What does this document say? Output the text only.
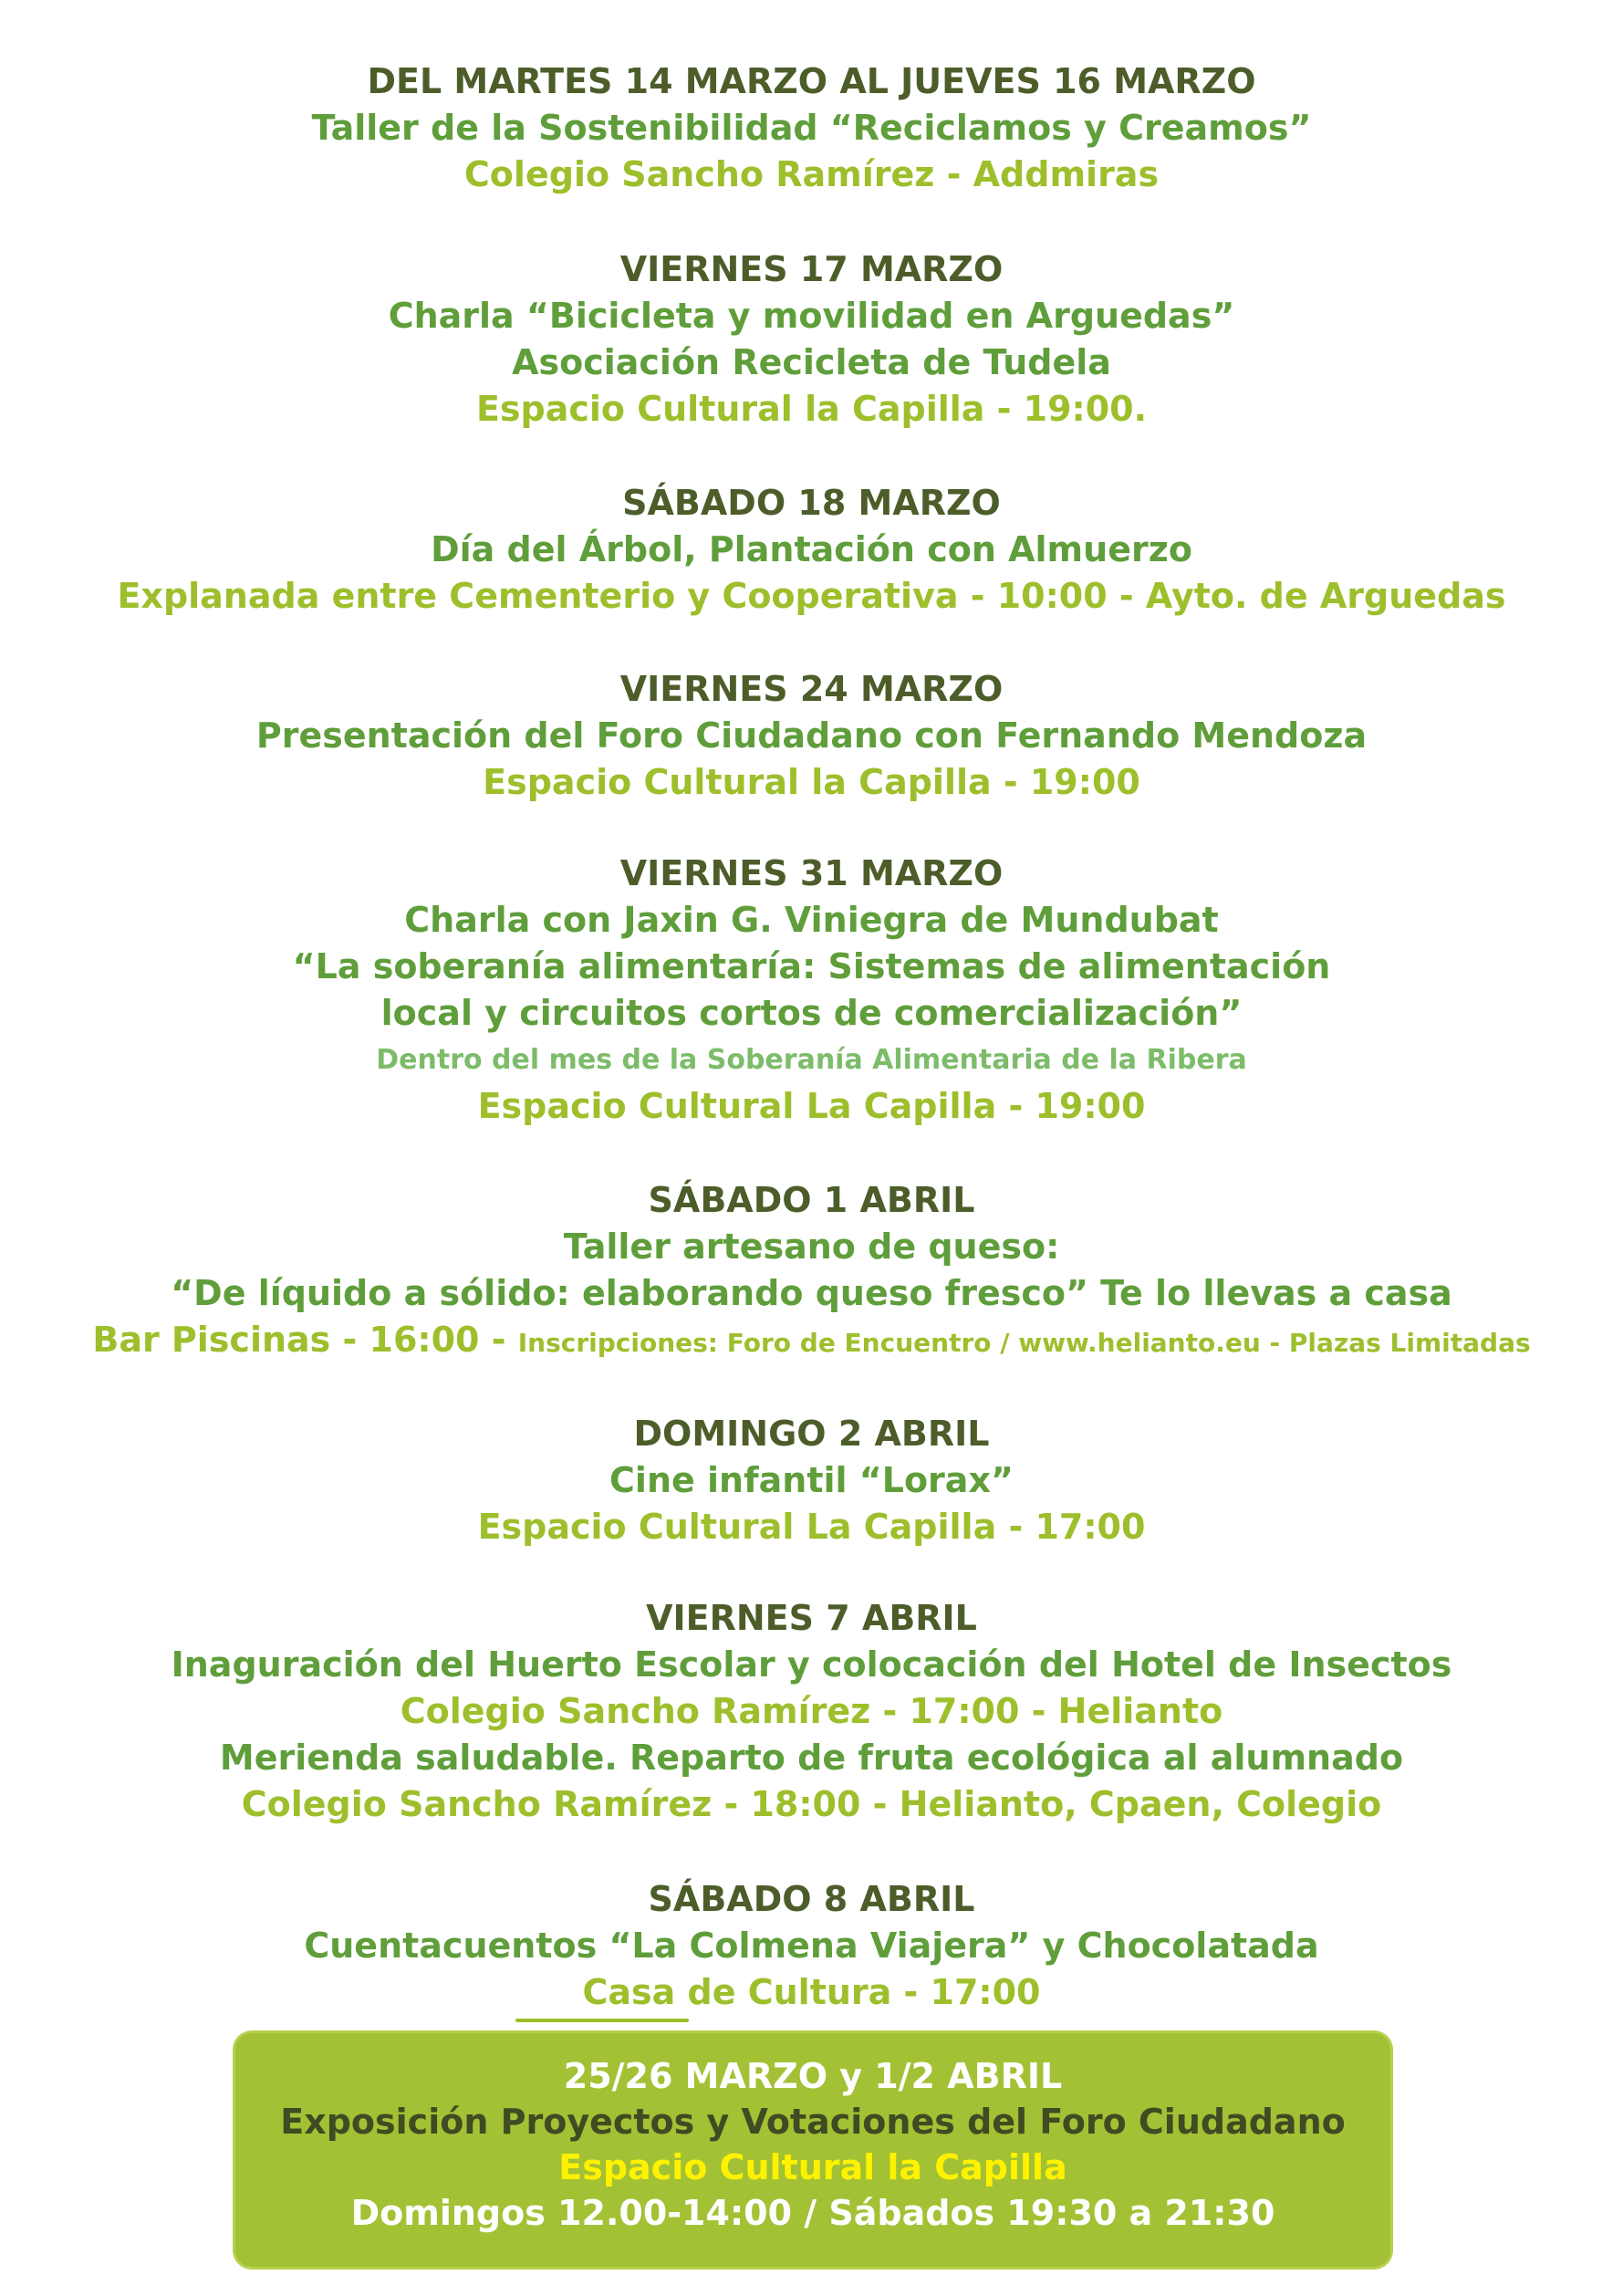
DEL MARTES 14 MARZO AL JUEVES 16 MARZO
Taller de la Sostenibilidad “Reciclamos y Creamos”
Colegio Sancho Ramírez - Addmiras
VIERNES 17 MARZO
Charla “Bicicleta y movilidad en Arguedas”
Asociación Recicleta de Tudela
Espacio Cultural la Capilla - 19:00.
SÁBADO 18 MARZO
Día del Árbol, Plantación con Almuerzo
Explanada entre Cementerio y Cooperativa - 10:00 - Ayto. de Arguedas
VIERNES 24 MARZO
Presentación del Foro Ciudadano con Fernando Mendoza
Espacio Cultural la Capilla - 19:00
VIERNES 31 MARZO
Charla con Jaxin G. Viniegra de Mundubat
“La soberanía alimentaría: Sistemas de alimentación
local y circuitos cortos de comercialización”
Dentro del mes de la Soberanía Alimentaria de la Ribera
Espacio Cultural La Capilla - 19:00
SÁBADO 1 ABRIL
Taller artesano de queso:
“De líquido a sólido: elaborando queso fresco” Te lo llevas a casa
Bar Piscinas - 16:00 - Inscripciones: Foro de Encuentro / www.helianto.eu - Plazas Limitadas
DOMINGO 2 ABRIL
Cine infantil “Lorax”
Espacio Cultural La Capilla - 17:00
VIERNES 7 ABRIL
Inaguración del Huerto Escolar y colocación del Hotel de Insectos
Colegio Sancho Ramírez - 17:00 - Helianto
Merienda saludable. Reparto de fruta ecológica al alumnado
Colegio Sancho Ramírez - 18:00 - Helianto, Cpaen, Colegio
SÁBADO 8 ABRIL
Cuentacuentos “La Colmena Viajera” y Chocolatada
Casa de Cultura - 17:00
25/26 MARZO y 1/2 ABRIL
Exposición Proyectos y Votaciones del Foro Ciudadano
Espacio Cultural la Capilla
Domingos 12.00-14:00 / Sábados 19:30 a 21:30
